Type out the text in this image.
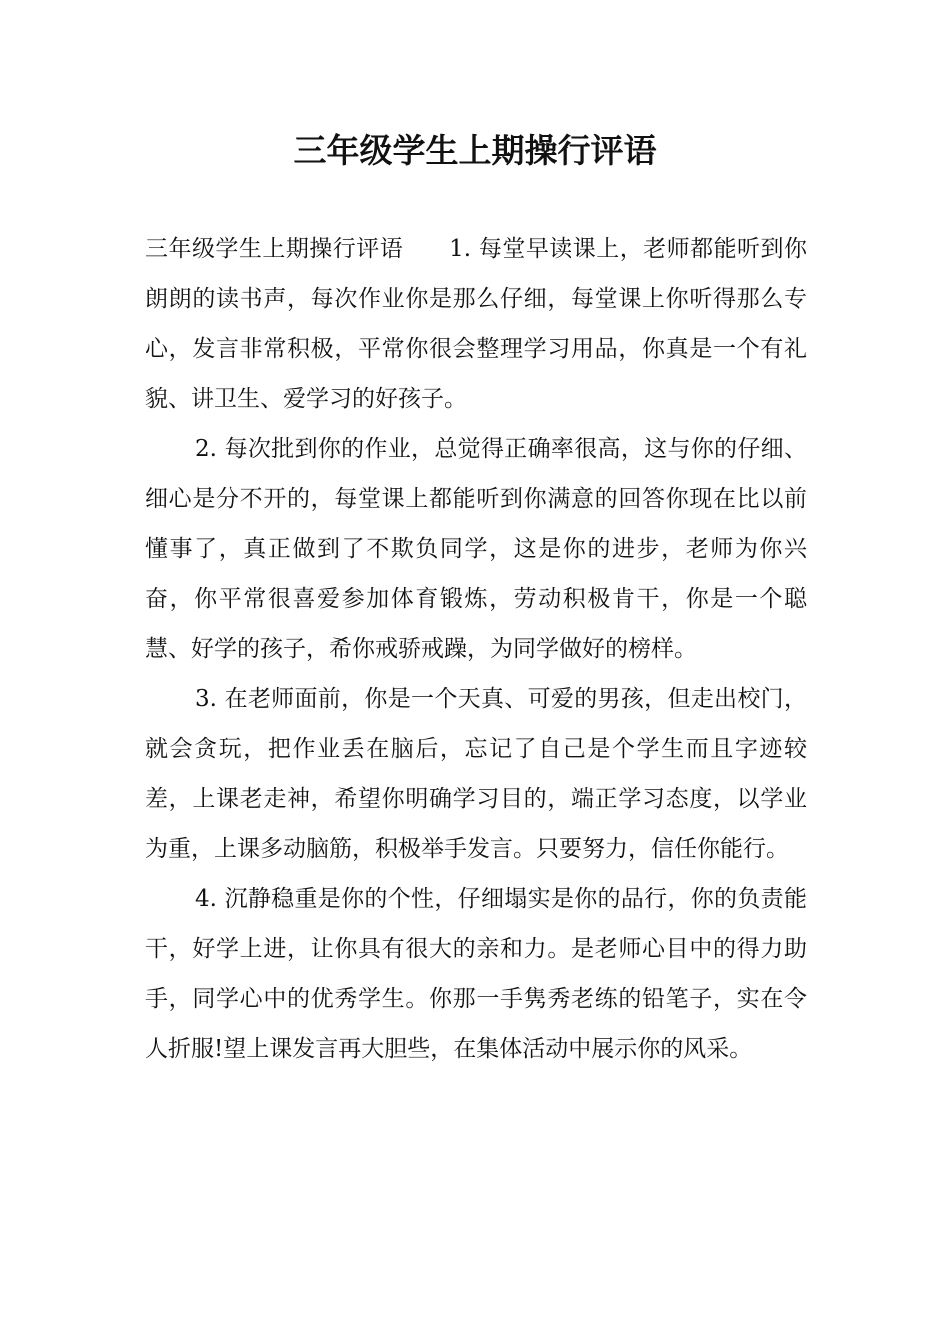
三年级学生上期操行评语

三年级学生上期操行评语 1. 每堂早读课上，老师都能听到你朗朗的读书声，每次作业你是那么仔细，每堂课上你听得那么专心，发言非常积极，平常你很会整理学习用品，你真是一个有礼貌、讲卫生、爱学习的好孩子。

2. 每次批到你的作业，总觉得正确率很高，这与你的仔细、细心是分不开的，每堂课上都能听到你满意的回答你现在比以前懂事了，真正做到了不欺负同学，这是你的进步，老师为你兴奋，你平常很喜爱参加体育锻炼，劳动积极肯干，你是一个聪慧、好学的孩子，希你戒骄戒躁，为同学做好的榜样。

3. 在老师面前，你是一个天真、可爱的男孩，但走出校门，就会贪玩，把作业丢在脑后，忘记了自己是个学生而且字迹较差，上课老走神，希望你明确学习目的，端正学习态度，以学业为重，上课多动脑筋，积极举手发言。只要努力，信任你能行。

4. 沉静稳重是你的个性，仔细塌实是你的品行，你的负责能干，好学上进，让你具有很大的亲和力。是老师心目中的得力助手，同学心中的优秀学生。你那一手隽秀老练的铅笔子，实在令人折服!望上课发言再大胆些，在集体活动中展示你的风采。
